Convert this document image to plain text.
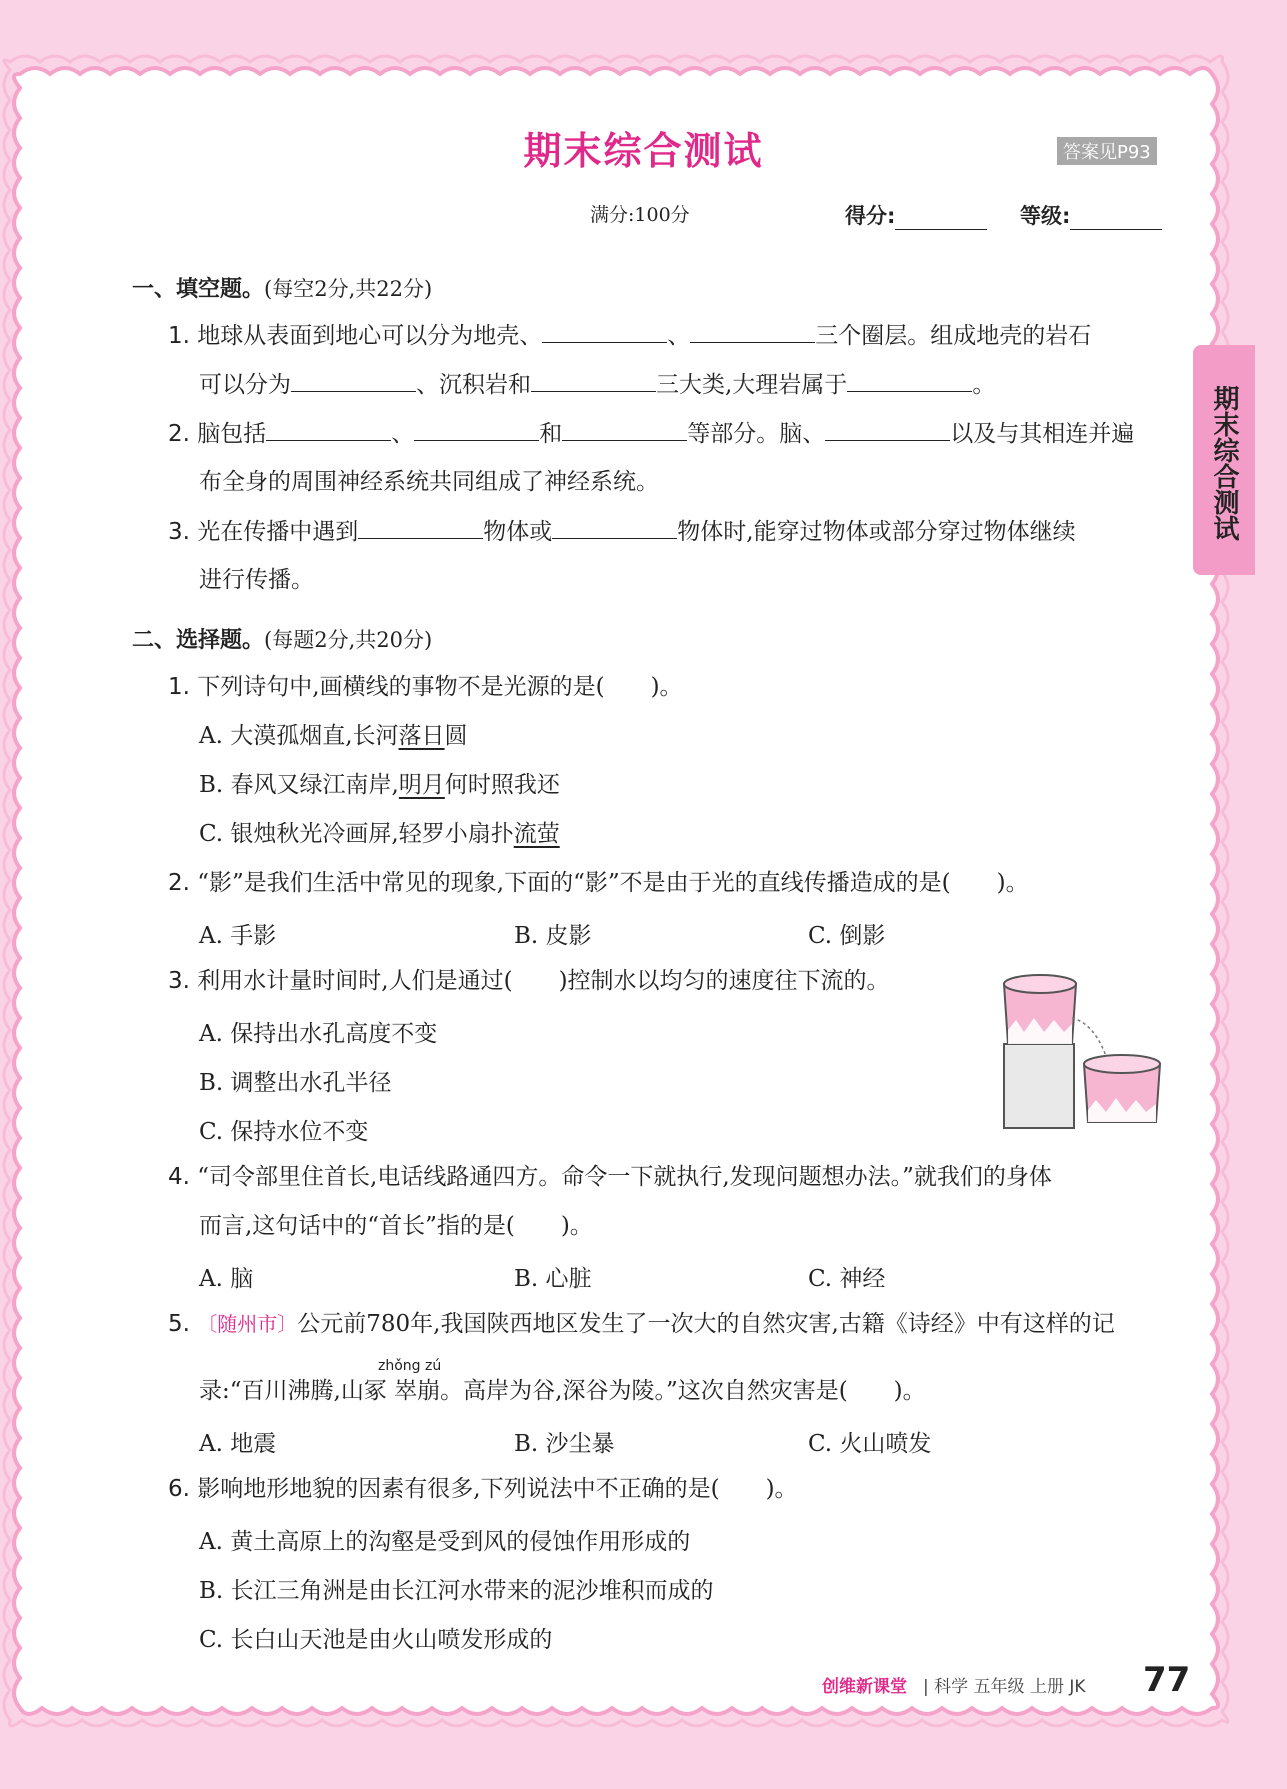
期末综合测试	答案见P93
满分:100分	得分:	等级:
期末综合测试
一、填空题。(每空2分,共22分)
1. 地球从表面到地心可以分为地壳、	、	三个圈层。组成地壳的岩石
可以分为	、沉积岩和	三大类,大理岩属于	。
2. 脑包括	、	和	等部分。脑、	以及与其相连并遍
布全身的周围神经系统共同组成了神经系统。
3. 光在传播中遇到	物体或	物体时,能穿过物体或部分穿过物体继续
进行传播。
二、选择题。(每题2分,共20分)
1. 下列诗句中,画横线的事物不是光源的是( )。
A. 大漠孤烟直,长河落日圆
B. 春风又绿江南岸,明月何时照我还
C. 银烛秋光冷画屏,轻罗小扇扑流萤
2. “影”是我们生活中常见的现象,下面的“影”不是由于光的直线传播造成的是( )。
A. 手影	B. 皮影	C. 倒影
3. 利用水计量时间时,人们是通过( )控制水以均匀的速度往下流的。
A. 保持出水孔高度不变
B. 调整出水孔半径
C. 保持水位不变
4. “司令部里住首长,电话线路通四方。命令一下就执行,发现问题想办法。”就我们的身体
而言,这句话中的“首长”指的是( )。
A. 脑	B. 心脏	C. 神经
5. 〔随州市〕公元前780年,我国陕西地区发生了一次大的自然灾害,古籍《诗经》中有这样的记
zhǒng zú
录:“百川沸腾,山冢 崒崩。高岸为谷,深谷为陵。”这次自然灾害是( )。
A. 地震	B. 沙尘暴	C. 火山喷发
6. 影响地形地貌的因素有很多,下列说法中不正确的是( )。
A. 黄土高原上的沟壑是受到风的侵蚀作用形成的
B. 长江三角洲是由长江河水带来的泥沙堆积而成的
C. 长白山天池是由火山喷发形成的
创维新课堂 | 科学 五年级 上册 JK 77
